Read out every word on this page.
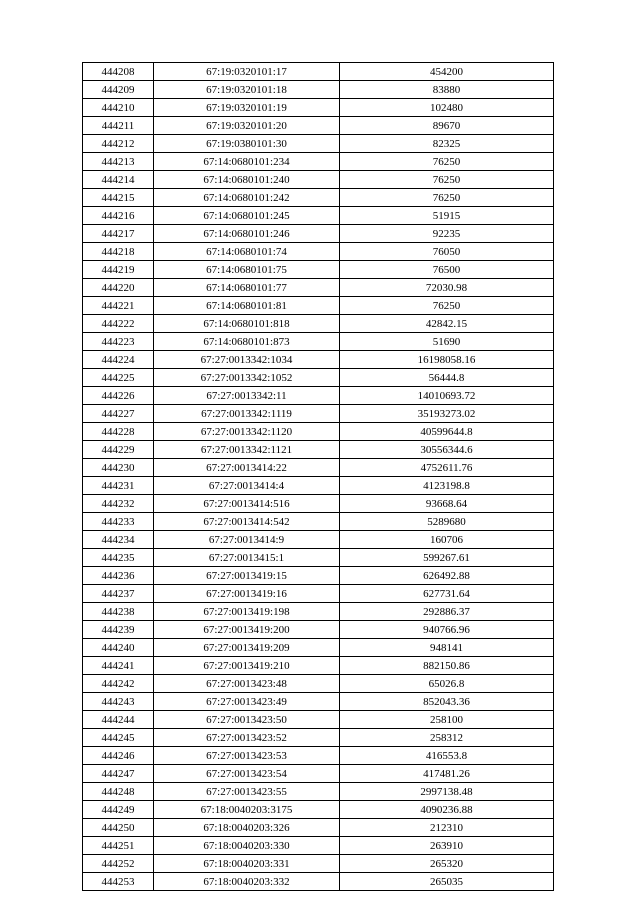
444208	67:19:0320101:17	454200
444209	67:19:0320101:18	83880
444210	67:19:0320101:19	102480
444211	67:19:0320101:20	89670
444212	67:19:0380101:30	82325
444213	67:14:0680101:234	76250
444214	67:14:0680101:240	76250
444215	67:14:0680101:242	76250
444216	67:14:0680101:245	51915
444217	67:14:0680101:246	92235
444218	67:14:0680101:74	76050
444219	67:14:0680101:75	76500
444220	67:14:0680101:77	72030.98
444221	67:14:0680101:81	76250
444222	67:14:0680101:818	42842.15
444223	67:14:0680101:873	51690
444224	67:27:0013342:1034	16198058.16
444225	67:27:0013342:1052	56444.8
444226	67:27:0013342:11	14010693.72
444227	67:27:0013342:1119	35193273.02
444228	67:27:0013342:1120	40599644.8
444229	67:27:0013342:1121	30556344.6
444230	67:27:0013414:22	4752611.76
444231	67:27:0013414:4	4123198.8
444232	67:27:0013414:516	93668.64
444233	67:27:0013414:542	5289680
444234	67:27:0013414:9	160706
444235	67:27:0013415:1	599267.61
444236	67:27:0013419:15	626492.88
444237	67:27:0013419:16	627731.64
444238	67:27:0013419:198	292886.37
444239	67:27:0013419:200	940766.96
444240	67:27:0013419:209	948141
444241	67:27:0013419:210	882150.86
444242	67:27:0013423:48	65026.8
444243	67:27:0013423:49	852043.36
444244	67:27:0013423:50	258100
444245	67:27:0013423:52	258312
444246	67:27:0013423:53	416553.8
444247	67:27:0013423:54	417481.26
444248	67:27:0013423:55	2997138.48
444249	67:18:0040203:3175	4090236.88
444250	67:18:0040203:326	212310
444251	67:18:0040203:330	263910
444252	67:18:0040203:331	265320
444253	67:18:0040203:332	265035
